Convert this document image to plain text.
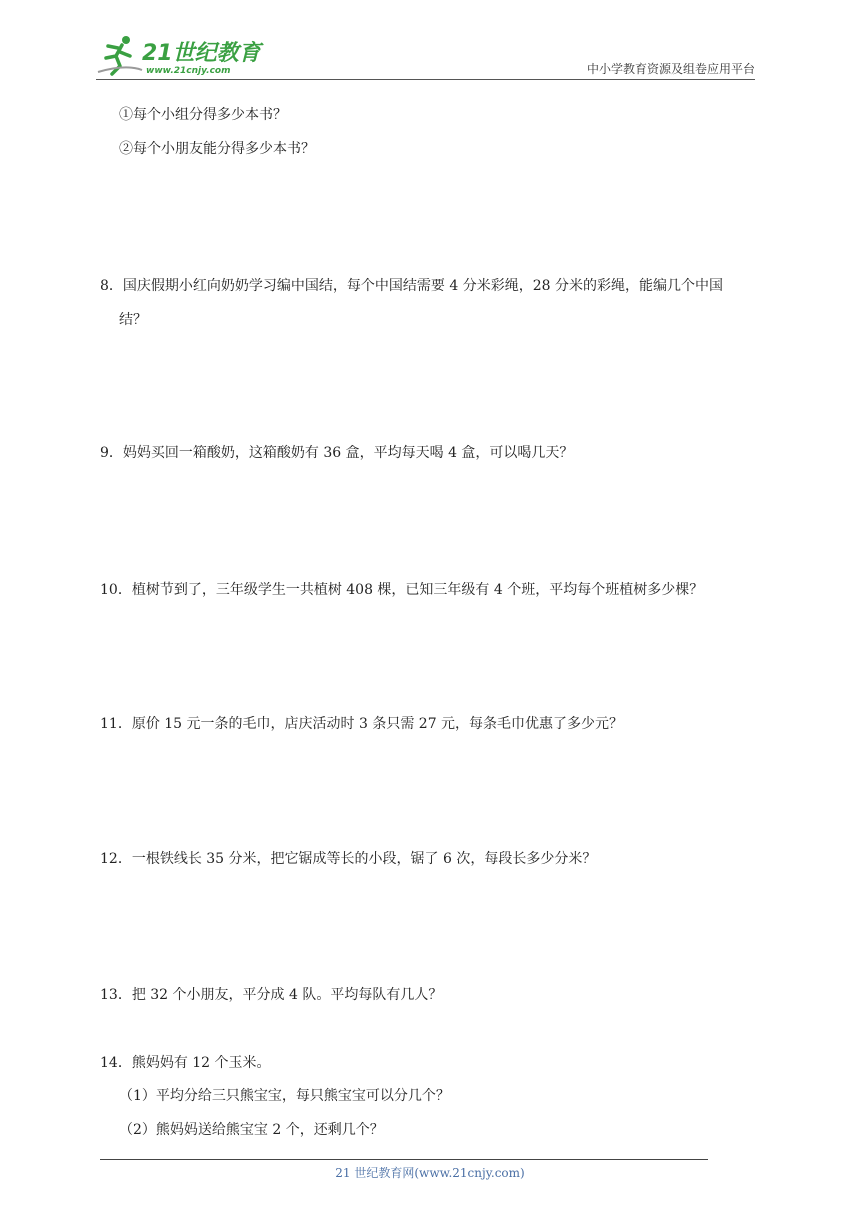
21世纪教育
www.21cnjy.com	中小学教育资源及组卷应用平台
①每个小组分得多少本书？
②每个小朋友能分得多少本书？
8．国庆假期小红向奶奶学习编中国结，每个中国结需要 4 分米彩绳，28 分米的彩绳，能编几个中国
结？
9．妈妈买回一箱酸奶，这箱酸奶有 36 盒，平均每天喝 4 盒，可以喝几天？
10．植树节到了，三年级学生一共植树 408 棵，已知三年级有 4 个班，平均每个班植树多少棵？
11．原价 15 元一条的毛巾，店庆活动时 3 条只需 27 元，每条毛巾优惠了多少元？
12．一根铁线长 35 分米，把它锯成等长的小段，锯了 6 次，每段长多少分米？
13．把 32 个小朋友，平分成 4 队。平均每队有几人？
14．熊妈妈有 12 个玉米。
（1）平均分给三只熊宝宝，每只熊宝宝可以分几个？
（2）熊妈妈送给熊宝宝 2 个，还剩几个？
21 世纪教育网(www.21cnjy.com)
